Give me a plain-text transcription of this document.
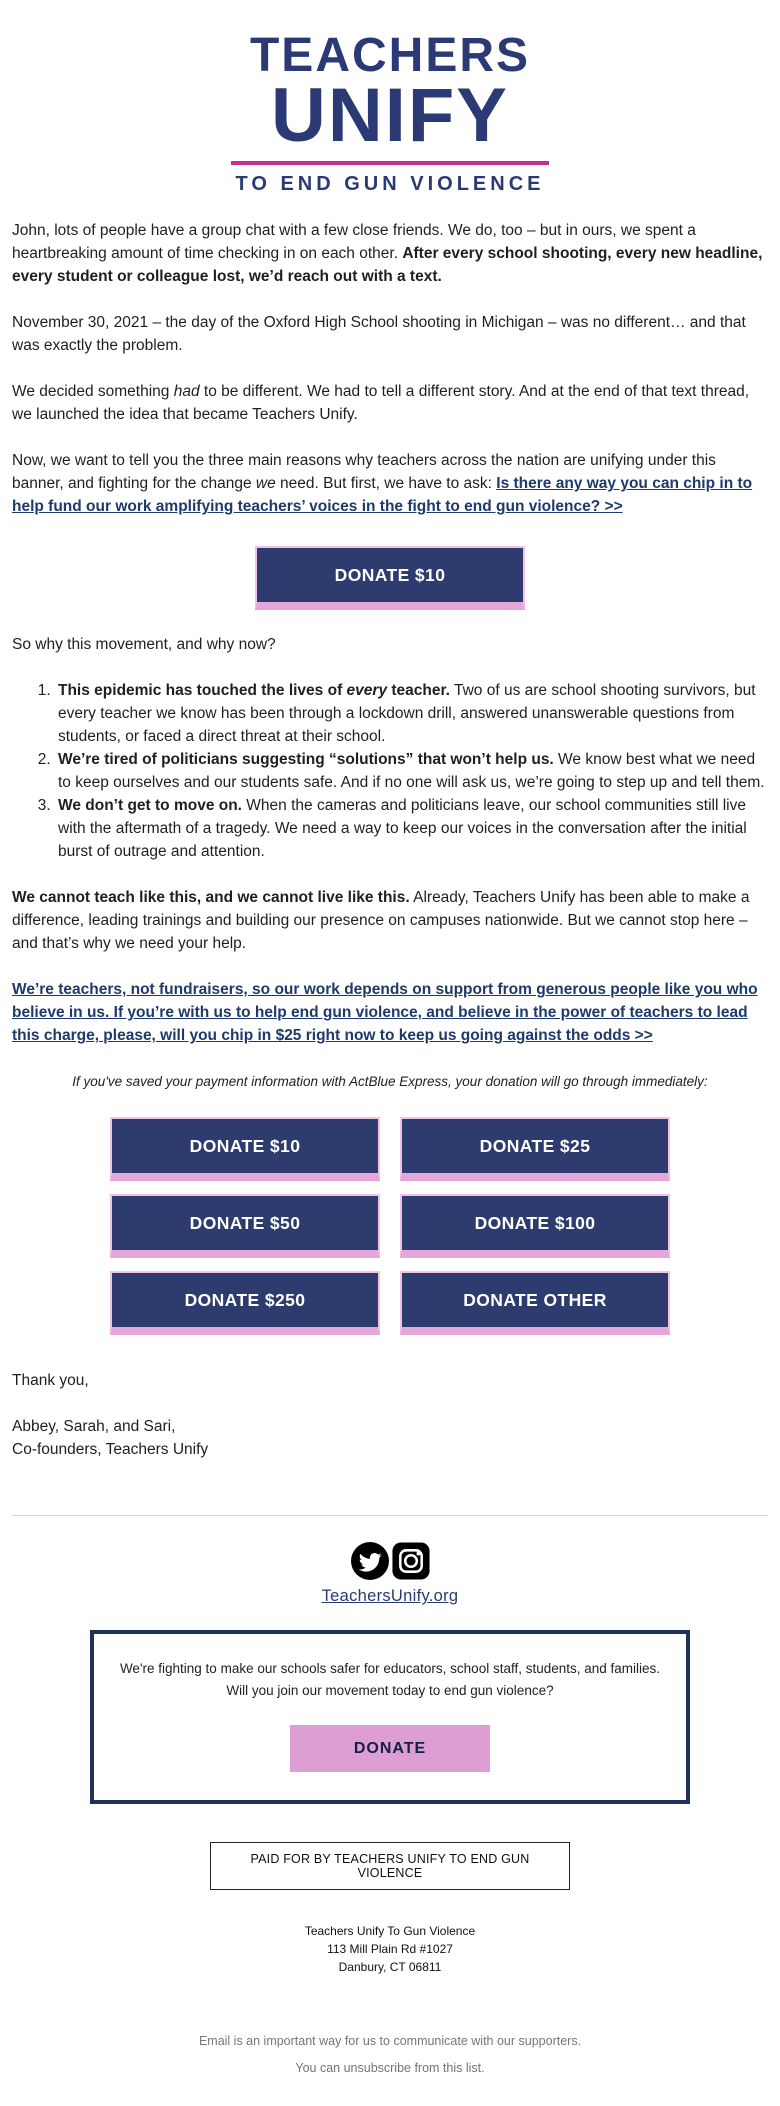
TEACHERS
UNIFY
TO END GUN VIOLENCE

John, lots of people have a group chat with a few close friends. We do, too – but in ours, we spent a heartbreaking amount of time checking in on each other. After every school shooting, every new headline, every student or colleague lost, we’d reach out with a text.

November 30, 2021 – the day of the Oxford High School shooting in Michigan – was no different… and that was exactly the problem.

We decided something had to be different. We had to tell a different story. And at the end of that text thread, we launched the idea that became Teachers Unify.

Now, we want to tell you the three main reasons why teachers across the nation are unifying under this banner, and fighting for the change we need. But first, we have to ask: Is there any way you can chip in to help fund our work amplifying teachers’ voices in the fight to end gun violence? >>

DONATE $10

So why this movement, and why now?

1. This epidemic has touched the lives of every teacher. Two of us are school shooting survivors, but every teacher we know has been through a lockdown drill, answered unanswerable questions from students, or faced a direct threat at their school.
2. We’re tired of politicians suggesting “solutions” that won’t help us. We know best what we need to keep ourselves and our students safe. And if no one will ask us, we’re going to step up and tell them.
3. We don’t get to move on. When the cameras and politicians leave, our school communities still live with the aftermath of a tragedy. We need a way to keep our voices in the conversation after the initial burst of outrage and attention.

We cannot teach like this, and we cannot live like this. Already, Teachers Unify has been able to make a difference, leading trainings and building our presence on campuses nationwide. But we cannot stop here – and that’s why we need your help.

We’re teachers, not fundraisers, so our work depends on support from generous people like you who believe in us. If you’re with us to help end gun violence, and believe in the power of teachers to lead this charge, please, will you chip in $25 right now to keep us going against the odds >>

If you've saved your payment information with ActBlue Express, your donation will go through immediately:

DONATE $10	DONATE $25
DONATE $50	DONATE $100
DONATE $250	DONATE OTHER

Thank you,

Abbey, Sarah, and Sari,
Co-founders, Teachers Unify

TeachersUnify.org
We're fighting to make our schools safer for educators, school staff, students, and families.
Will you join our movement today to end gun violence?
DONATE
PAID FOR BY TEACHERS UNIFY TO END GUN VIOLENCE
Teachers Unify To Gun Violence
113 Mill Plain Rd #1027
Danbury, CT 06811
Email is an important way for us to communicate with our supporters.
You can unsubscribe from this list.
